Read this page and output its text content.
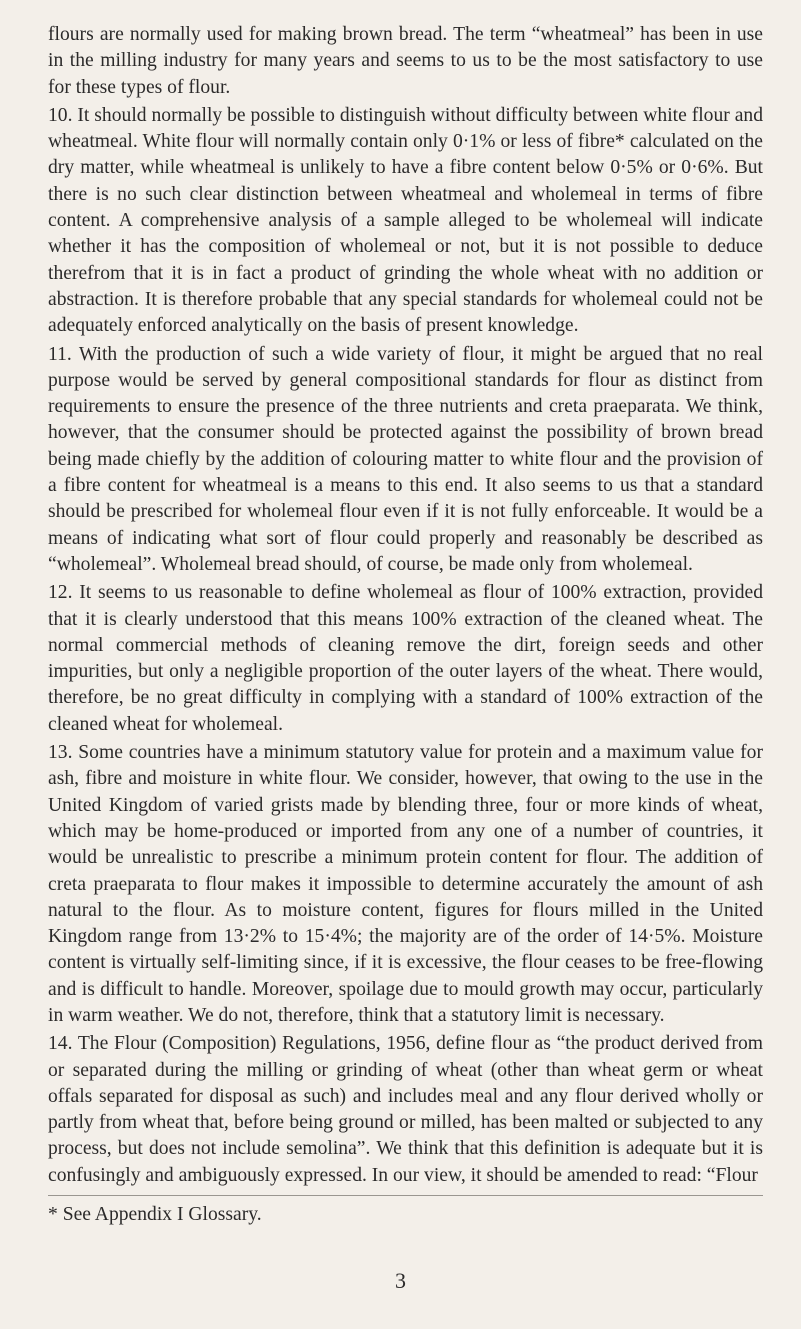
flours are normally used for making brown bread. The term “wheatmeal” has been in use in the milling industry for many years and seems to us to be the most satisfactory to use for these types of flour.

10. It should normally be possible to distinguish without difficulty between white flour and wheatmeal. White flour will normally contain only 0·1% or less of fibre* calculated on the dry matter, while wheatmeal is unlikely to have a fibre content below 0·5% or 0·6%. But there is no such clear distinction between wheatmeal and wholemeal in terms of fibre content. A comprehensive analysis of a sample alleged to be wholemeal will indicate whether it has the composition of wholemeal or not, but it is not possible to deduce therefrom that it is in fact a product of grinding the whole wheat with no addition or abstraction. It is therefore probable that any special standards for wholemeal could not be adequately enforced analytically on the basis of present knowledge.

11. With the production of such a wide variety of flour, it might be argued that no real purpose would be served by general compositional standards for flour as distinct from requirements to ensure the presence of the three nutrients and creta praeparata. We think, however, that the consumer should be protected against the possibility of brown bread being made chiefly by the addition of colouring matter to white flour and the provision of a fibre content for wheatmeal is a means to this end. It also seems to us that a standard should be prescribed for wholemeal flour even if it is not fully enforceable. It would be a means of indicating what sort of flour could properly and reasonably be described as “wholemeal”. Wholemeal bread should, of course, be made only from wholemeal.

12. It seems to us reasonable to define wholemeal as flour of 100% extraction, provided that it is clearly understood that this means 100% extraction of the cleaned wheat. The normal commercial methods of cleaning remove the dirt, foreign seeds and other impurities, but only a negligible proportion of the outer layers of the wheat. There would, therefore, be no great difficulty in complying with a standard of 100% extraction of the cleaned wheat for wholemeal.

13. Some countries have a minimum statutory value for protein and a maximum value for ash, fibre and moisture in white flour. We consider, however, that owing to the use in the United Kingdom of varied grists made by blending three, four or more kinds of wheat, which may be home-produced or imported from any one of a number of countries, it would be unrealistic to prescribe a minimum protein content for flour. The addition of creta praeparata to flour makes it impossible to determine accurately the amount of ash natural to the flour. As to moisture content, figures for flours milled in the United Kingdom range from 13·2% to 15·4%; the majority are of the order of 14·5%. Moisture content is virtually self-limiting since, if it is excessive, the flour ceases to be free-flowing and is difficult to handle. Moreover, spoilage due to mould growth may occur, particularly in warm weather. We do not, therefore, think that a statutory limit is necessary.

14. The Flour (Composition) Regulations, 1956, define flour as “the product derived from or separated during the milling or grinding of wheat (other than wheat germ or wheat offals separated for disposal as such) and includes meal and any flour derived wholly or partly from wheat that, before being ground or milled, has been malted or subjected to any process, but does not include semolina”. We think that this definition is adequate but it is confusingly and ambiguously expressed. In our view, it should be amended to read: “Flour

* See Appendix I Glossary.

3
